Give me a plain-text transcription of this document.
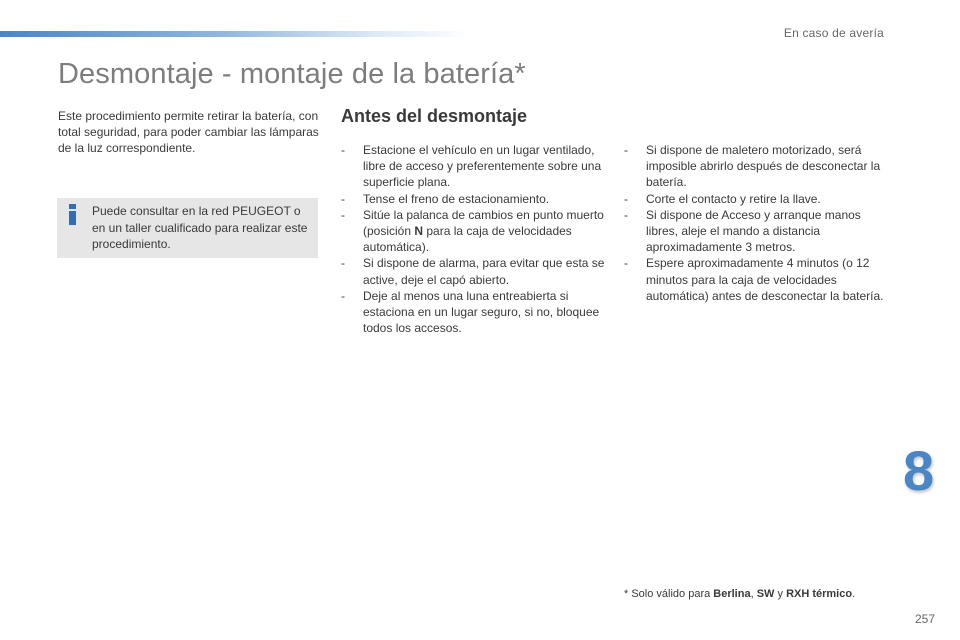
En caso de avería
Desmontaje - montaje de la batería*

Este procedimiento permite retirar la batería, con total seguridad, para poder cambiar las lámparas de la luz correspondiente.

Puede consultar en la red PEUGEOT o en un taller cualificado para realizar este procedimiento.

Antes del desmontaje
- Estacione el vehículo en un lugar ventilado, libre de acceso y preferentemente sobre una superficie plana.
- Tense el freno de estacionamiento.
- Sitúe la palanca de cambios en punto muerto (posición N para la caja de velocidades automática).
- Si dispone de alarma, para evitar que esta se active, deje el capó abierto.
- Deje al menos una luna entreabierta si estaciona en un lugar seguro, si no, bloquee todos los accesos.
- Si dispone de maletero motorizado, será imposible abrirlo después de desconectar la batería.
- Corte el contacto y retire la llave.
- Si dispone de Acceso y arranque manos libres, aleje el mando a distancia aproximadamente 3 metros.
- Espere aproximadamente 4 minutos (o 12 minutos para la caja de velocidades automática) antes de desconectar la batería.
* Solo válido para Berlina, SW y RXH térmico.
8
257
